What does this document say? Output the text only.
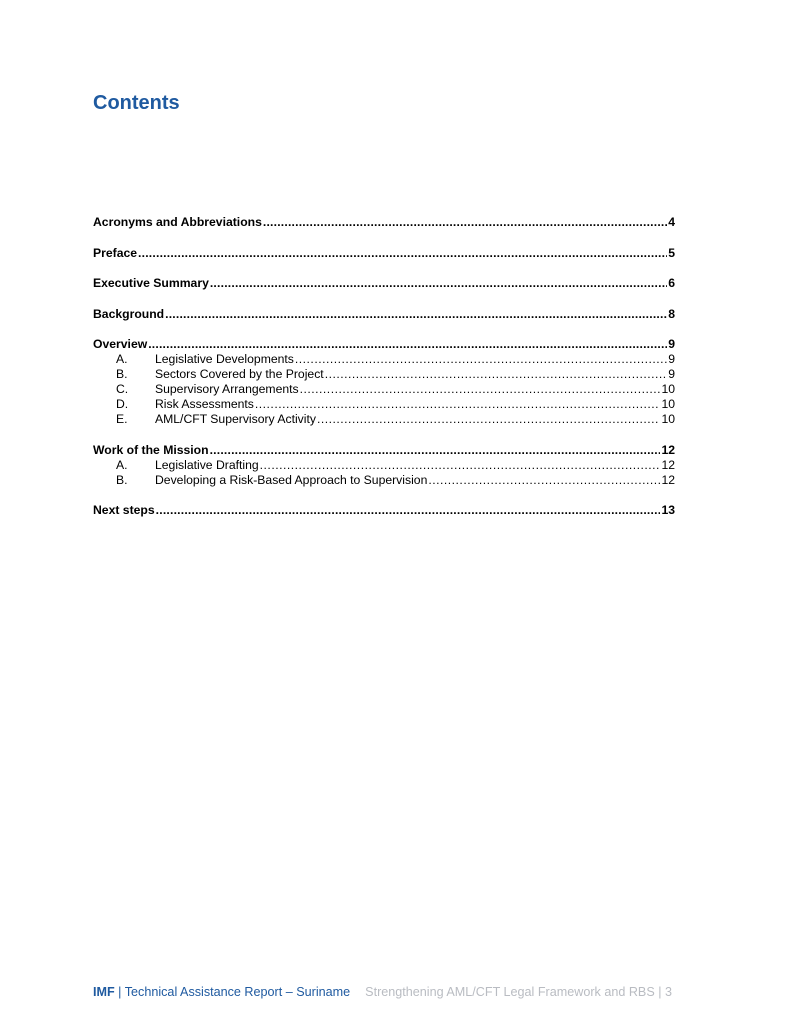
Contents
Acronyms and Abbreviations .....	4
Preface .....	5
Executive Summary .....	6
Background .....	8
Overview .....	9
A.	Legislative Developments .....	9
B.	Sectors Covered by the Project .....	9
C.	Supervisory Arrangements .....	10
D.	Risk Assessments .....	10
E.	AML/CFT Supervisory Activity .....	10
Work of the Mission .....	12
A.	Legislative Drafting .....	12
B.	Developing a Risk-Based Approach to Supervision .....	12
Next steps .....	13
IMF | Technical Assistance Report – Suriname Strengthening AML/CFT Legal Framework and RBS | 3
